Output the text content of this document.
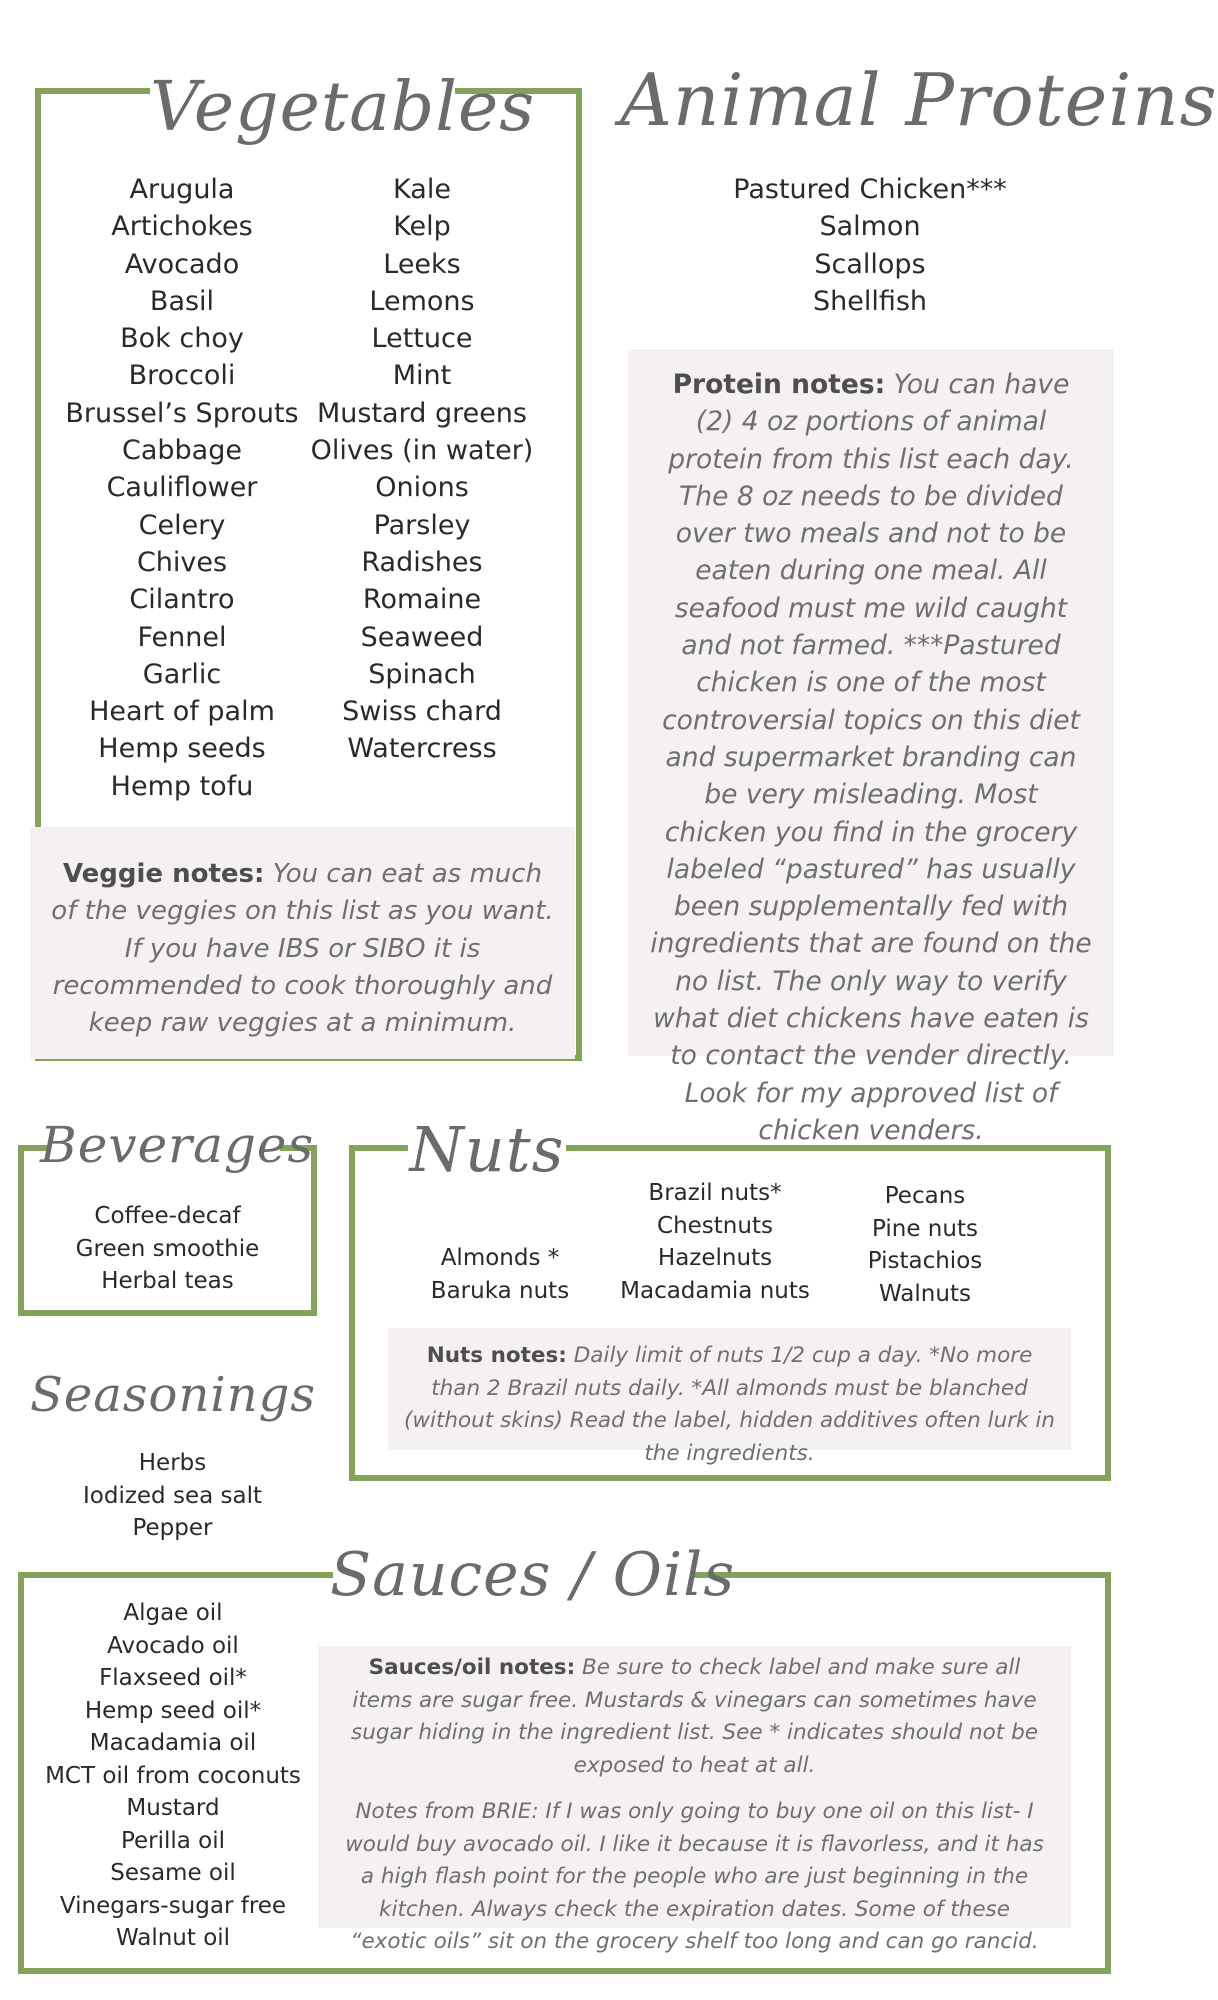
Vegetables
Arugula
Artichokes
Avocado
Basil
Bok choy
Broccoli
Brussel’s Sprouts
Cabbage
Cauliflower
Celery
Chives
Cilantro
Fennel
Garlic
Heart of palm
Hemp seeds
Hemp tofu
Kale
Kelp
Leeks
Lemons
Lettuce
Mint
Mustard greens
Olives (in water)
Onions
Parsley
Radishes
Romaine
Seaweed
Spinach
Swiss chard
Watercress

Veggie notes: You can eat as much of the veggies on this list as you want. If you have IBS or SIBO it is recommended to cook thoroughly and keep raw veggies at a minimum.

Animal Proteins
Pastured Chicken***
Salmon
Scallops
Shellfish

Protein notes: You can have (2) 4 oz portions of animal protein from this list each day. The 8 oz needs to be divided over two meals and not to be eaten during one meal. All seafood must me wild caught and not farmed. ***Pastured chicken is one of the most controversial topics on this diet and supermarket branding can be very misleading. Most chicken you find in the grocery labeled “pastured” has usually been supplementally fed with ingredients that are found on the no list. The only way to verify what diet chickens have eaten is to contact the vender directly. Look for my approved list of chicken venders.

Beverages
Coffee-decaf
Green smoothie
Herbal teas
Nuts
Almonds *
Baruka nuts
Brazil nuts*
Chestnuts
Hazelnuts
Macadamia nuts
Pecans
Pine nuts
Pistachios
Walnuts

Nuts notes: Daily limit of nuts 1/2 cup a day. *No more than 2 Brazil nuts daily. *All almonds must be blanched (without skins) Read the label, hidden additives often lurk in the ingredients.

Seasonings
Herbs
Iodized sea salt
Pepper
Sauces / Oils
Algae oil
Avocado oil
Flaxseed oil*
Hemp seed oil*
Macadamia oil
MCT oil from coconuts
Mustard
Perilla oil
Sesame oil
Vinegars-sugar free
Walnut oil

Sauces/oil notes: Be sure to check label and make sure all items are sugar free. Mustards & vinegars can sometimes have sugar hiding in the ingredient list. See * indicates should not be exposed to heat at all.

Notes from BRIE: If I was only going to buy one oil on this list- I would buy avocado oil. I like it because it is flavorless, and it has a high flash point for the people who are just beginning in the kitchen. Always check the expiration dates. Some of these “exotic oils” sit on the grocery shelf too long and can go rancid.
